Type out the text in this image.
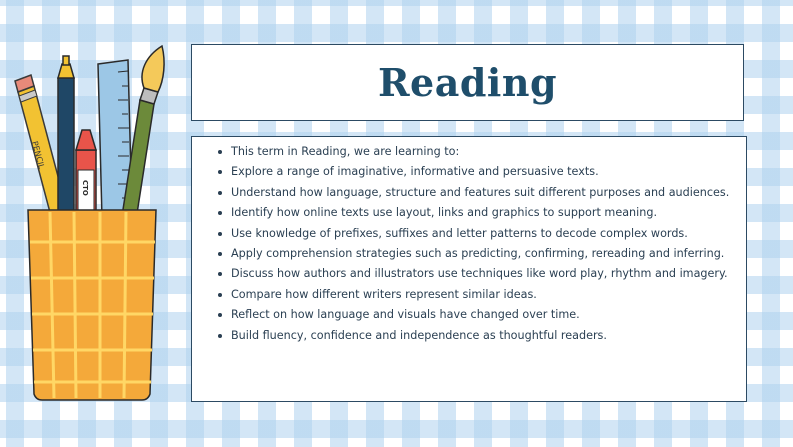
PENCIL
CTO
Reading
This term in Reading, we are learning to:
Explore a range of imaginative, informative and persuasive texts.
Understand how language, structure and features suit different purposes and audiences.
Identify how online texts use layout, links and graphics to support meaning.
Use knowledge of prefixes, suffixes and letter patterns to decode complex words.
Apply comprehension strategies such as predicting, confirming, rereading and inferring.
Discuss how authors and illustrators use techniques like word play, rhythm and imagery.
Compare how different writers represent similar ideas.
Reflect on how language and visuals have changed over time.
Build fluency, confidence and independence as thoughtful readers.
